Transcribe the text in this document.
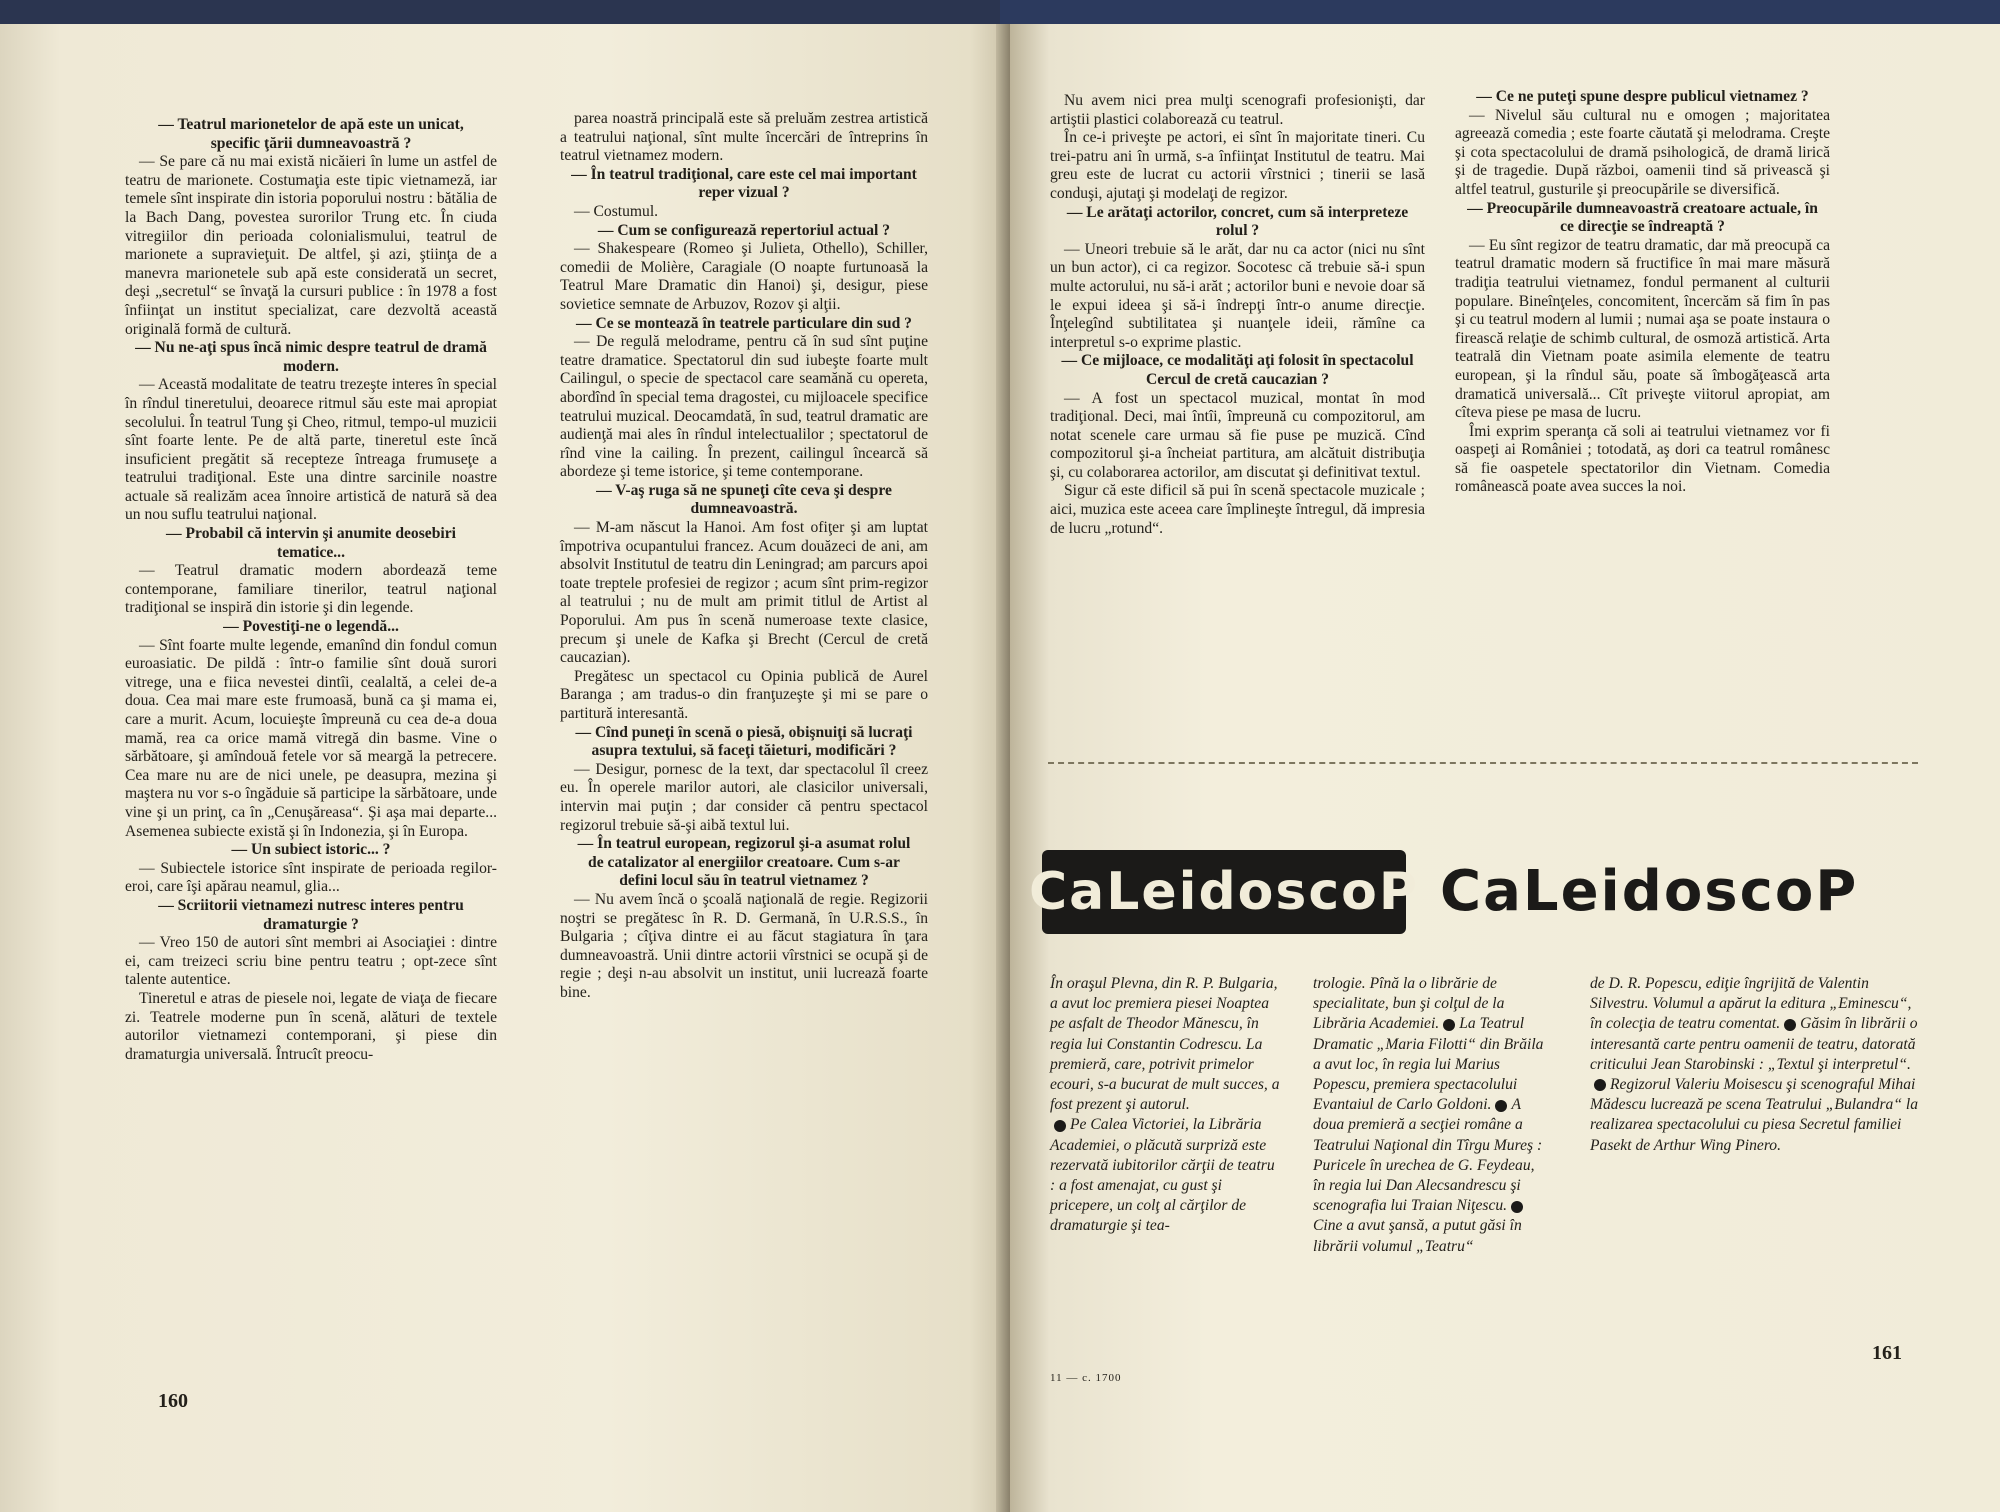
— Teatrul marionetelor de apă este un unicat, specific ţării dumneavoastră ?

— Se pare că nu mai există nicăieri în lume un astfel de teatru de marionete. Costumaţia este tipic vietnameză, iar temele sînt inspirate din istoria poporului nostru : bătălia de la Bach Dang, povestea surorilor Trung etc. În ciuda vitregiilor din perioada colonialismului, teatrul de marionete a supravieţuit. De altfel, şi azi, ştiinţa de a manevra marionetele sub apă este considerată un secret, deşi „secretul“ se învaţă la cursuri publice : în 1978 a fost înfiinţat un institut specializat, care dezvoltă această originală formă de cultură.

— Nu ne-aţi spus încă nimic despre teatrul de dramă modern.

— Această modalitate de teatru trezeşte interes în special în rîndul tineretului, deoarece ritmul său este mai apropiat secolului. În teatrul Tung şi Cheo, ritmul, tempo-ul muzicii sînt foarte lente. Pe de altă parte, tineretul este încă insuficient pregătit să recepteze întreaga frumuseţe a teatrului tradiţional. Este una dintre sarcinile noastre actuale să realizăm acea înnoire artistică de natură să dea un nou suflu teatrului naţional.

— Probabil că intervin şi anumite deosebiri tematice...

— Teatrul dramatic modern abordează teme contemporane, familiare tinerilor, teatrul naţional tradiţional se inspiră din istorie şi din legende.

— Povestiţi-ne o legendă...

— Sînt foarte multe legende, emanînd din fondul comun euroasiatic. De pildă : într-o familie sînt două surori vitrege, una e fiica nevestei dintîi, cealaltă, a celei de-a doua. Cea mai mare este frumoasă, bună ca şi mama ei, care a murit. Acum, locuieşte împreună cu cea de-a doua mamă, rea ca orice mamă vitregă din basme. Vine o sărbătoare, şi amîndouă fetele vor să meargă la petrecere. Cea mare nu are de nici unele, pe deasupra, mezina şi maştera nu vor s-o îngăduie să participe la sărbătoare, unde vine şi un prinţ, ca în „Cenuşăreasa“. Şi aşa mai departe... Asemenea subiecte există şi în Indonezia, şi în Europa.

— Un subiect istoric... ?

— Subiectele istorice sînt inspirate de perioada regilor-eroi, care îşi apărau neamul, glia...

— Scriitorii vietnamezi nutresc interes pentru dramaturgie ?

— Vreo 150 de autori sînt membri ai Asociaţiei : dintre ei, cam treizeci scriu bine pentru teatru ; opt-zece sînt talente autentice.

Tineretul e atras de piesele noi, legate de viaţa de fiecare zi. Teatrele moderne pun în scenă, alături de textele autorilor vietnamezi contemporani, şi piese din dramaturgia universală. Întrucît preocu-

parea noastră principală este să preluăm zestrea artistică a teatrului naţional, sînt multe încercări de întreprins în teatrul vietnamez modern.

— În teatrul tradiţional, care este cel mai important reper vizual ?

— Costumul.

— Cum se configurează repertoriul actual ?

— Shakespeare (Romeo şi Julieta, Othello), Schiller, comedii de Molière, Caragiale (O noapte furtunoasă la Teatrul Mare Dramatic din Hanoi) şi, desigur, piese sovietice semnate de Arbuzov, Rozov şi alţii.

— Ce se montează în teatrele particulare din sud ?

— De regulă melodrame, pentru că în sud sînt puţine teatre dramatice. Spectatorul din sud iubeşte foarte mult Cailingul, o specie de spectacol care seamănă cu opereta, abordînd în special tema dragostei, cu mijloacele specifice teatrului muzical. Deocamdată, în sud, teatrul dramatic are audienţă mai ales în rîndul intelectualilor ; spectatorul de rînd vine la cailing. În prezent, cailingul încearcă să abordeze şi teme istorice, şi teme contemporane.

— V-aş ruga să ne spuneţi cîte ceva şi despre dumneavoastră.

— M-am născut la Hanoi. Am fost ofiţer şi am luptat împotriva ocupantului francez. Acum douăzeci de ani, am absolvit Institutul de teatru din Leningrad; am parcurs apoi toate treptele profesiei de regizor ; acum sînt prim-regizor al teatrului ; nu de mult am primit titlul de Artist al Poporului. Am pus în scenă numeroase texte clasice, precum şi unele de Kafka şi Brecht (Cercul de cretă caucazian).

Pregătesc un spectacol cu Opinia publică de Aurel Baranga ; am tradus-o din franţuzeşte şi mi se pare o partitură interesantă.

— Cînd puneţi în scenă o piesă, obişnuiţi să lucraţi asupra textului, să faceţi tăieturi, modificări ?

— Desigur, pornesc de la text, dar spectacolul îl creez eu. În operele marilor autori, ale clasicilor universali, intervin mai puţin ; dar consider că pentru spectacol regizorul trebuie să-şi aibă textul lui.

— În teatrul european, regizorul şi-a asumat rolul de catalizator al energiilor creatoare. Cum s-ar defini locul său în teatrul vietnamez ?

— Nu avem încă o şcoală naţională de regie. Regizorii noştri se pregătesc în R. D. Germană, în U.R.S.S., în Bulgaria ; cîţiva dintre ei au făcut stagiatura în ţara dumneavoastră. Unii dintre actorii vîrstnici se ocupă şi de regie ; deşi n-au absolvit un institut, unii lucrează foarte bine.

160

Nu avem nici prea mulţi scenografi profesionişti, dar artiştii plastici colaborează cu teatrul.

În ce-i priveşte pe actori, ei sînt în majoritate tineri. Cu trei-patru ani în urmă, s-a înfiinţat Institutul de teatru. Mai greu este de lucrat cu actorii vîrstnici ; tinerii se lasă conduşi, ajutaţi şi modelaţi de regizor.

— Le arătaţi actorilor, concret, cum să interpreteze rolul ?

— Uneori trebuie să le arăt, dar nu ca actor (nici nu sînt un bun actor), ci ca regizor. Socotesc că trebuie să-i spun multe actorului, nu să-i arăt ; actorilor buni e nevoie doar să le expui ideea şi să-i îndrepţi într-o anume direcţie. Înţelegînd subtilitatea şi nuanţele ideii, rămîne ca interpretul s-o exprime plastic.

— Ce mijloace, ce modalităţi aţi folosit în spectacolul Cercul de cretă caucazian ?

— A fost un spectacol muzical, montat în mod tradiţional. Deci, mai întîi, împreună cu compozitorul, am notat scenele care urmau să fie puse pe muzică. Cînd compozitorul şi-a încheiat partitura, am alcătuit distribuţia şi, cu colaborarea actorilor, am discutat şi definitivat textul.

Sigur că este dificil să pui în scenă spectacole muzicale ; aici, muzica este aceea care împlineşte întregul, dă impresia de lucru „rotund“.

— Ce ne puteţi spune despre publicul vietnamez ?

— Nivelul său cultural nu e omogen ; majoritatea agreează comedia ; este foarte căutată şi melodrama. Creşte şi cota spectacolului de dramă psihologică, de dramă lirică şi de tragedie. După război, oamenii tind să privească şi altfel teatrul, gusturile şi preocupările se diversifică.

— Preocupările dumneavoastră creatoare actuale, în ce direcţie se îndreaptă ?

— Eu sînt regizor de teatru dramatic, dar mă preocupă ca teatrul dramatic modern să fructifice în mai mare măsură tradiţia teatrului vietnamez, fondul permanent al culturii populare. Bineînţeles, concomitent, încercăm să fim în pas şi cu teatrul modern al lumii ; numai aşa se poate instaura o firească relaţie de schimb cultural, de osmoză artistică. Arta teatrală din Vietnam poate asimila elemente de teatru european, şi la rîndul său, poate să îmbogăţească arta dramatică universală... Cît priveşte viitorul apropiat, am cîteva piese pe masa de lucru.

Îmi exprim speranţa că soli ai teatrului vietnamez vor fi oaspeţi ai României ; totodată, aş dori ca teatrul românesc să fie oaspetele spectatorilor din Vietnam. Comedia românească poate avea succes la noi.

CaLeidoscoP CaLeidoscoP

În oraşul Plevna, din R. P. Bulgaria, a avut loc premiera piesei Noaptea pe asfalt de Theodor Mănescu, în regia lui Constantin Codrescu. La premieră, care, potrivit primelor ecouri, s-a bucurat de mult succes, a fost prezent şi autorul.

Pe Calea Victoriei, la Librăria Academiei, o plăcută surpriză este rezervată iubitorilor cărţii de teatru : a fost amenajat, cu gust şi pricepere, un colţ al cărţilor de dramaturgie şi tea-

trologie. Pînă la o librărie de specialitate, bun şi colţul de la Librăria Academiei. La Teatrul Dramatic „Maria Filotti“ din Brăila a avut loc, în regia lui Marius Popescu, premiera spectacolului Evantaiul de Carlo Goldoni. A doua premieră a secţiei române a Teatrului Naţional din Tîrgu Mureş : Puricele în urechea de G. Feydeau, în regia lui Dan Alecsandrescu şi scenografia lui Traian Niţescu.Cine a avut şansă, a putut găsi în librării volumul „Teatru“

de D. R. Popescu, ediţie îngrijită de Valentin Silvestru. Volumul a apărut la editura „Eminescu“, în colecţia de teatru comentat. Găsim în librării o interesantă carte pentru oamenii de teatru, datorată criticului Jean Starobinski : „Textul şi interpretul“.Regizorul Valeriu Moisescu şi scenograful Mihai Mădescu lucrează pe scena Teatrului „Bulandra“ la realizarea spectacolului cu piesa Secretul familiei Pasekt de Arthur Wing Pinero.

11 — c. 1700
161
